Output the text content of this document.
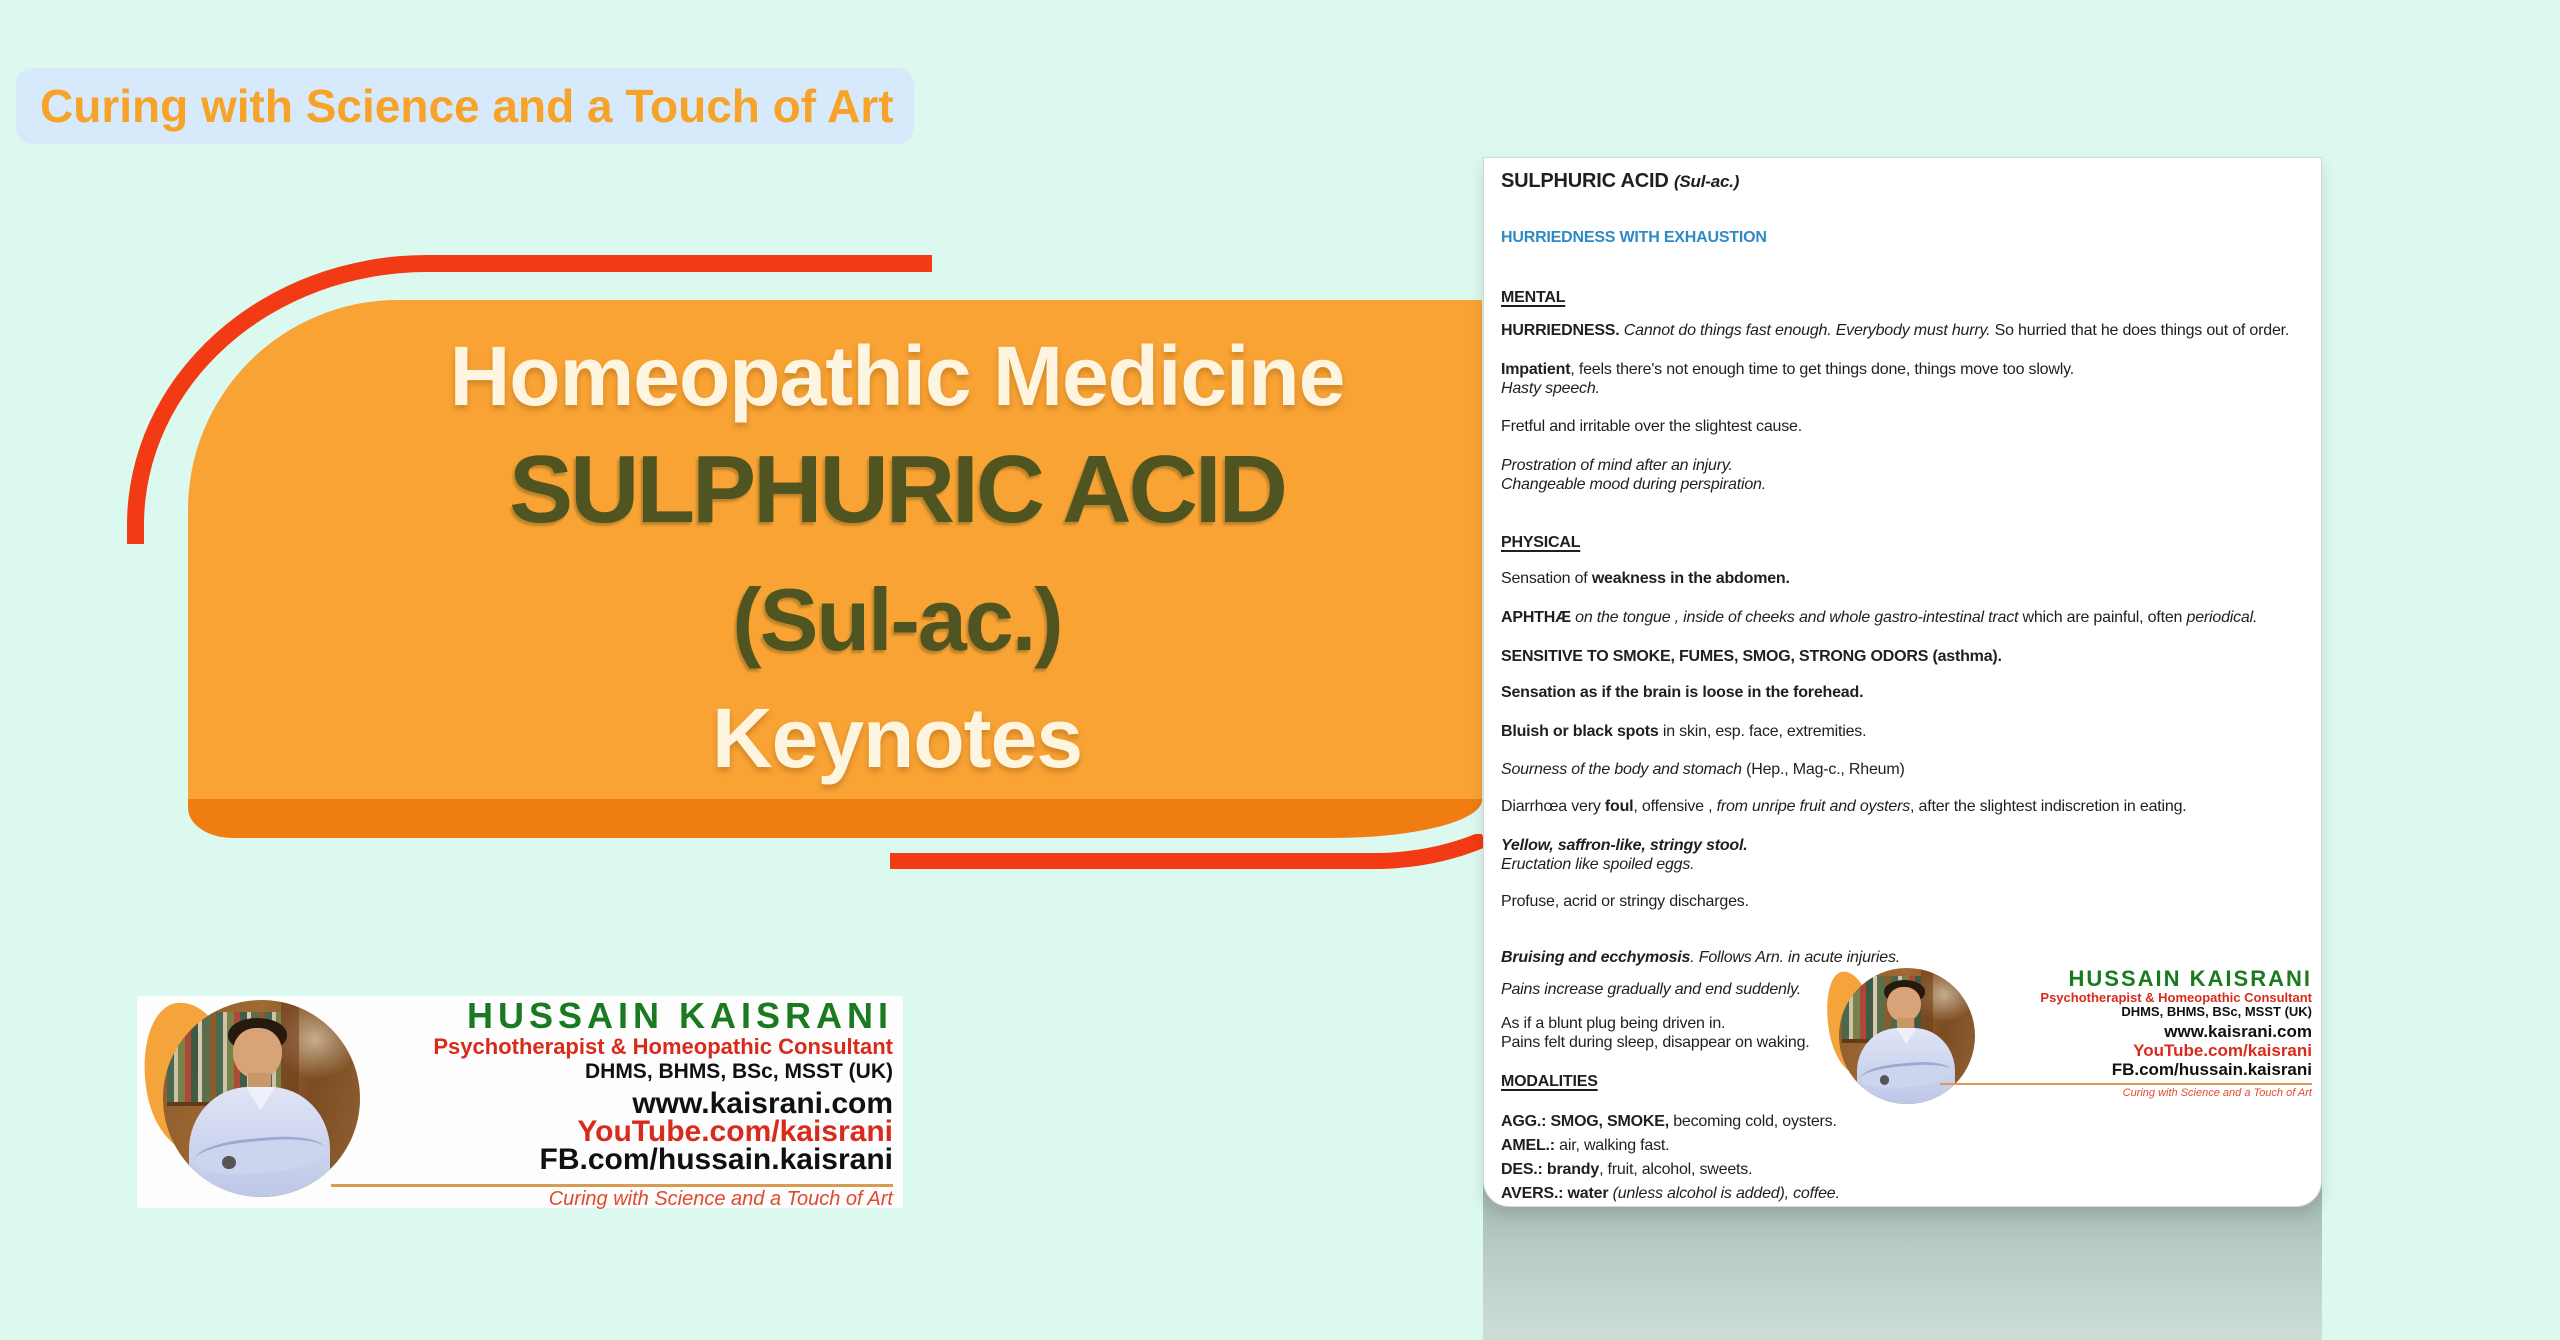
Curing with Science and a Touch of Art
Homeopathic Medicine
SULPHURIC ACID
(Sul-ac.)
Keynotes
SULPHURIC ACID (Sul-ac.)
HURRIEDNESS WITH EXHAUSTION
MENTAL
HURRIEDNESS. Cannot do things fast enough. Everybody must hurry. So hurried that he does things out of order.
Impatient, feels there's not enough time to get things done, things move too slowly.
Hasty speech.
Fretful and irritable over the slightest cause.
Prostration of mind after an injury.
Changeable mood during perspiration.
PHYSICAL
Sensation of weakness in the abdomen.
APHTHÆ on the tongue , inside of cheeks and whole gastro-intestinal tract which are painful, often periodical.
SENSITIVE TO SMOKE, FUMES, SMOG, STRONG ODORS (asthma).
Sensation as if the brain is loose in the forehead.
Bluish or black spots in skin, esp. face, extremities.
Sourness of the body and stomach (Hep., Mag-c., Rheum)
Diarrhœa very foul, offensive , from unripe fruit and oysters, after the slightest indiscretion in eating.
Yellow, saffron-like, stringy stool.
Eructation like spoiled eggs.
Profuse, acrid or stringy discharges.
Bruising and ecchymosis. Follows Arn. in acute injuries.
Pains increase gradually and end suddenly.
As if a blunt plug being driven in.
Pains felt during sleep, disappear on waking.
MODALITIES
AGG.: SMOG, SMOKE, becoming cold, oysters.
AMEL.: air, walking fast.
DES.: brandy, fruit, alcohol, sweets.
AVERS.: water (unless alcohol is added), coffee.
HUSSAIN KAISRANI
Psychotherapist & Homeopathic Consultant
DHMS, BHMS, BSc, MSST (UK)
www.kaisrani.com
YouTube.com/kaisrani
FB.com/hussain.kaisrani
Curing with Science and a Touch of Art
HUSSAIN KAISRANI
Psychotherapist & Homeopathic Consultant
DHMS, BHMS, BSc, MSST (UK)
www.kaisrani.com
YouTube.com/kaisrani
FB.com/hussain.kaisrani
Curing with Science and a Touch of Art
